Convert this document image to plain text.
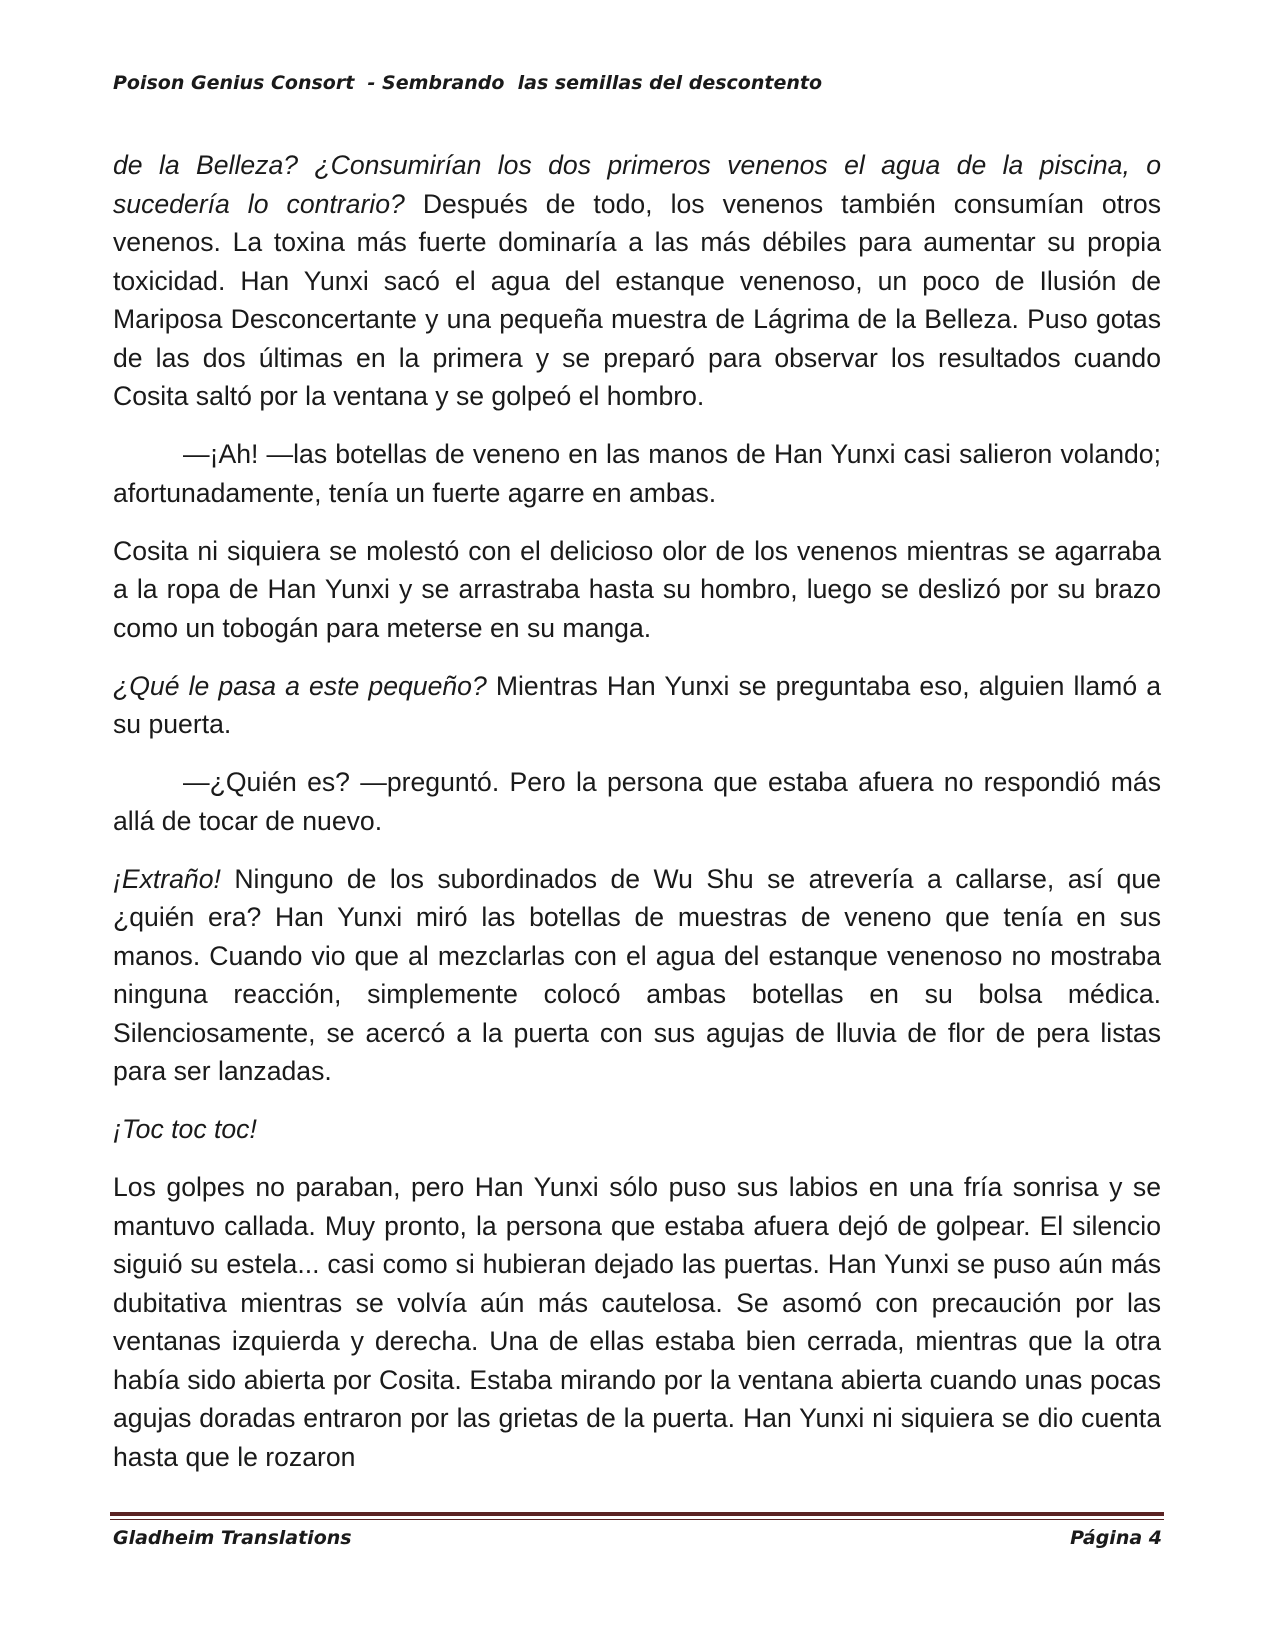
Poison Genius Consort  - Sembrando  las semillas del descontento

de la Belleza? ¿Consumirían los dos primeros venenos el agua de la piscina, o sucedería lo contrario? Después de todo, los venenos también consumían otros venenos. La toxina más fuerte dominaría a las más débiles para aumentar su propia toxicidad. Han Yunxi sacó el agua del estanque venenoso, un poco de Ilusión de Mariposa Desconcertante y una pequeña muestra de Lágrima de la Belleza. Puso gotas de las dos últimas en la primera y se preparó para observar los resultados cuando Cosita saltó por la ventana y se golpeó el hombro.

—¡Ah! —las botellas de veneno en las manos de Han Yunxi casi salieron volando; afortunadamente, tenía un fuerte agarre en ambas.

Cosita ni siquiera se molestó con el delicioso olor de los venenos mientras se agarraba a la ropa de Han Yunxi y se arrastraba hasta su hombro, luego se deslizó por su brazo como un tobogán para meterse en su manga.

¿Qué le pasa a este pequeño? Mientras Han Yunxi se preguntaba eso, alguien llamó a su puerta.

—¿Quién es? —preguntó. Pero la persona que estaba afuera no respondió más allá de tocar de nuevo.

¡Extraño! Ninguno de los subordinados de Wu Shu se atrevería a callarse, así que ¿quién era? Han Yunxi miró las botellas de muestras de veneno que tenía en sus manos. Cuando vio que al mezclarlas con el agua del estanque venenoso no mostraba ninguna reacción, simplemente colocó ambas botellas en su bolsa médica. Silenciosamente, se acercó a la puerta con sus agujas de lluvia de flor de pera listas para ser lanzadas.

¡Toc toc toc!

Los golpes no paraban, pero Han Yunxi sólo puso sus labios en una fría sonrisa y se mantuvo callada. Muy pronto, la persona que estaba afuera dejó de golpear. El silencio siguió su estela... casi como si hubieran dejado las puertas. Han Yunxi se puso aún más dubitativa mientras se volvía aún más cautelosa. Se asomó con precaución por las ventanas izquierda y derecha. Una de ellas estaba bien cerrada, mientras que la otra había sido abierta por Cosita. Estaba mirando por la ventana abierta cuando unas pocas agujas doradas entraron por las grietas de la puerta. Han Yunxi ni siquiera se dio cuenta hasta que le rozaron

Gladheim Translations	Página 4
